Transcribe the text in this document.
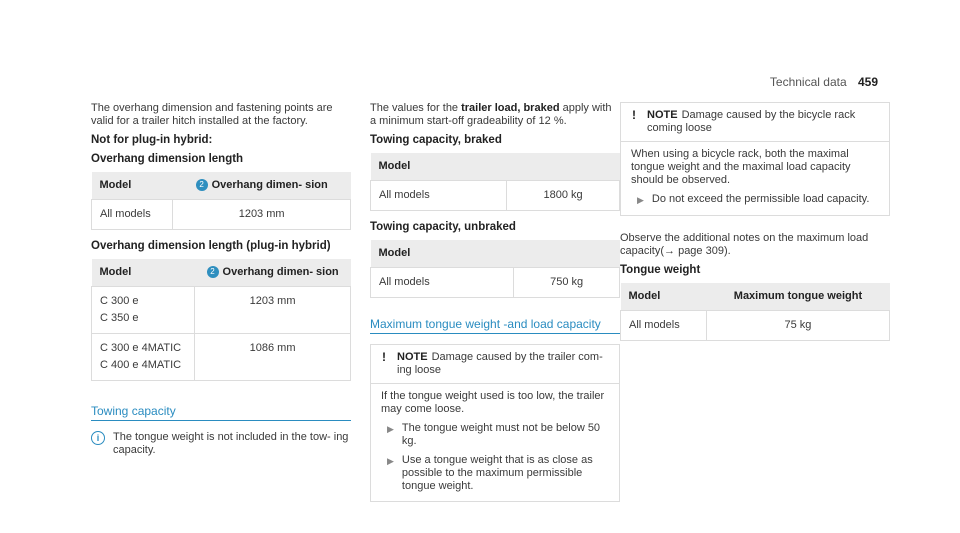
Technical data 459

The overhang dimension and fastening points are valid for a trailer hitch installed at the factory.

Not for plug-in hybrid:
Overhang dimension length
Model	2 Overhang dimen- sion
All models	1203 mm
Overhang dimension length (plug-in hybrid)
Model	2 Overhang dimen- sion

C 300 e
C 350 e	1203 mm

C 300 e 4MATIC
C 400 e 4MATIC	1086 mm
Towing capacity
i	The tongue weight is not included in the tow- ing capacity.

The values for the trailer load, braked apply with a minimum start-off gradeability of 12 %.

Towing capacity, braked
Model
All models	1800 kg
Towing capacity, unbraked
Model
All models	750 kg
Maximum tongue weight -and load capacity
! NOTE Damage caused by the trailer com- ing loose
If the tongue weight used is too low, the trailer may come loose.
▶ The tongue weight must not be below 50 kg.
▶ Use a tongue weight that is as close as possible to the maximum permissible tongue weight.
! NOTE Damage caused by the bicycle rack coming loose
When using a bicycle rack, both the maximal tongue weight and the maximal load capacity should be observed.
▶ Do not exceed the permissible load capacity.

Observe the additional notes on the maximum load capacity(→ page 309).

Tongue weight
Model	Maximum tongue weight
All models	75 kg
